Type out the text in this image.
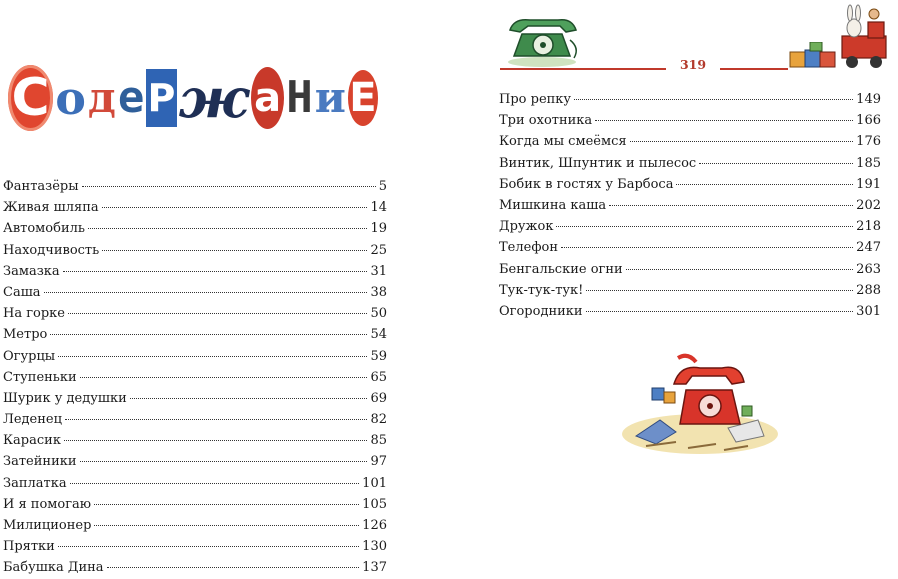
С о д е Р ж а Н и Е
Фантазёры	5
Живая шляпа	14
Автомобиль	19
Находчивость	25
Замазка	31
Саша	38
На горке	50
Метро	54
Огурцы	59
Ступеньки	65
Шурик у дедушки	69
Леденец	82
Карасик	85
Затейники	97
Заплатка	101
И я помогаю	105
Милиционер	126
Прятки	130
Бабушка Дина	137
319
Про репку	149
Три охотника	166
Когда мы смеёмся	176
Винтик, Шпунтик и пылесос	185
Бобик в гостях у Барбоса	191
Мишкина каша	202
Дружок	218
Телефон	247
Бенгальские огни	263
Тук-тук-тук!	288
Огородники	301
